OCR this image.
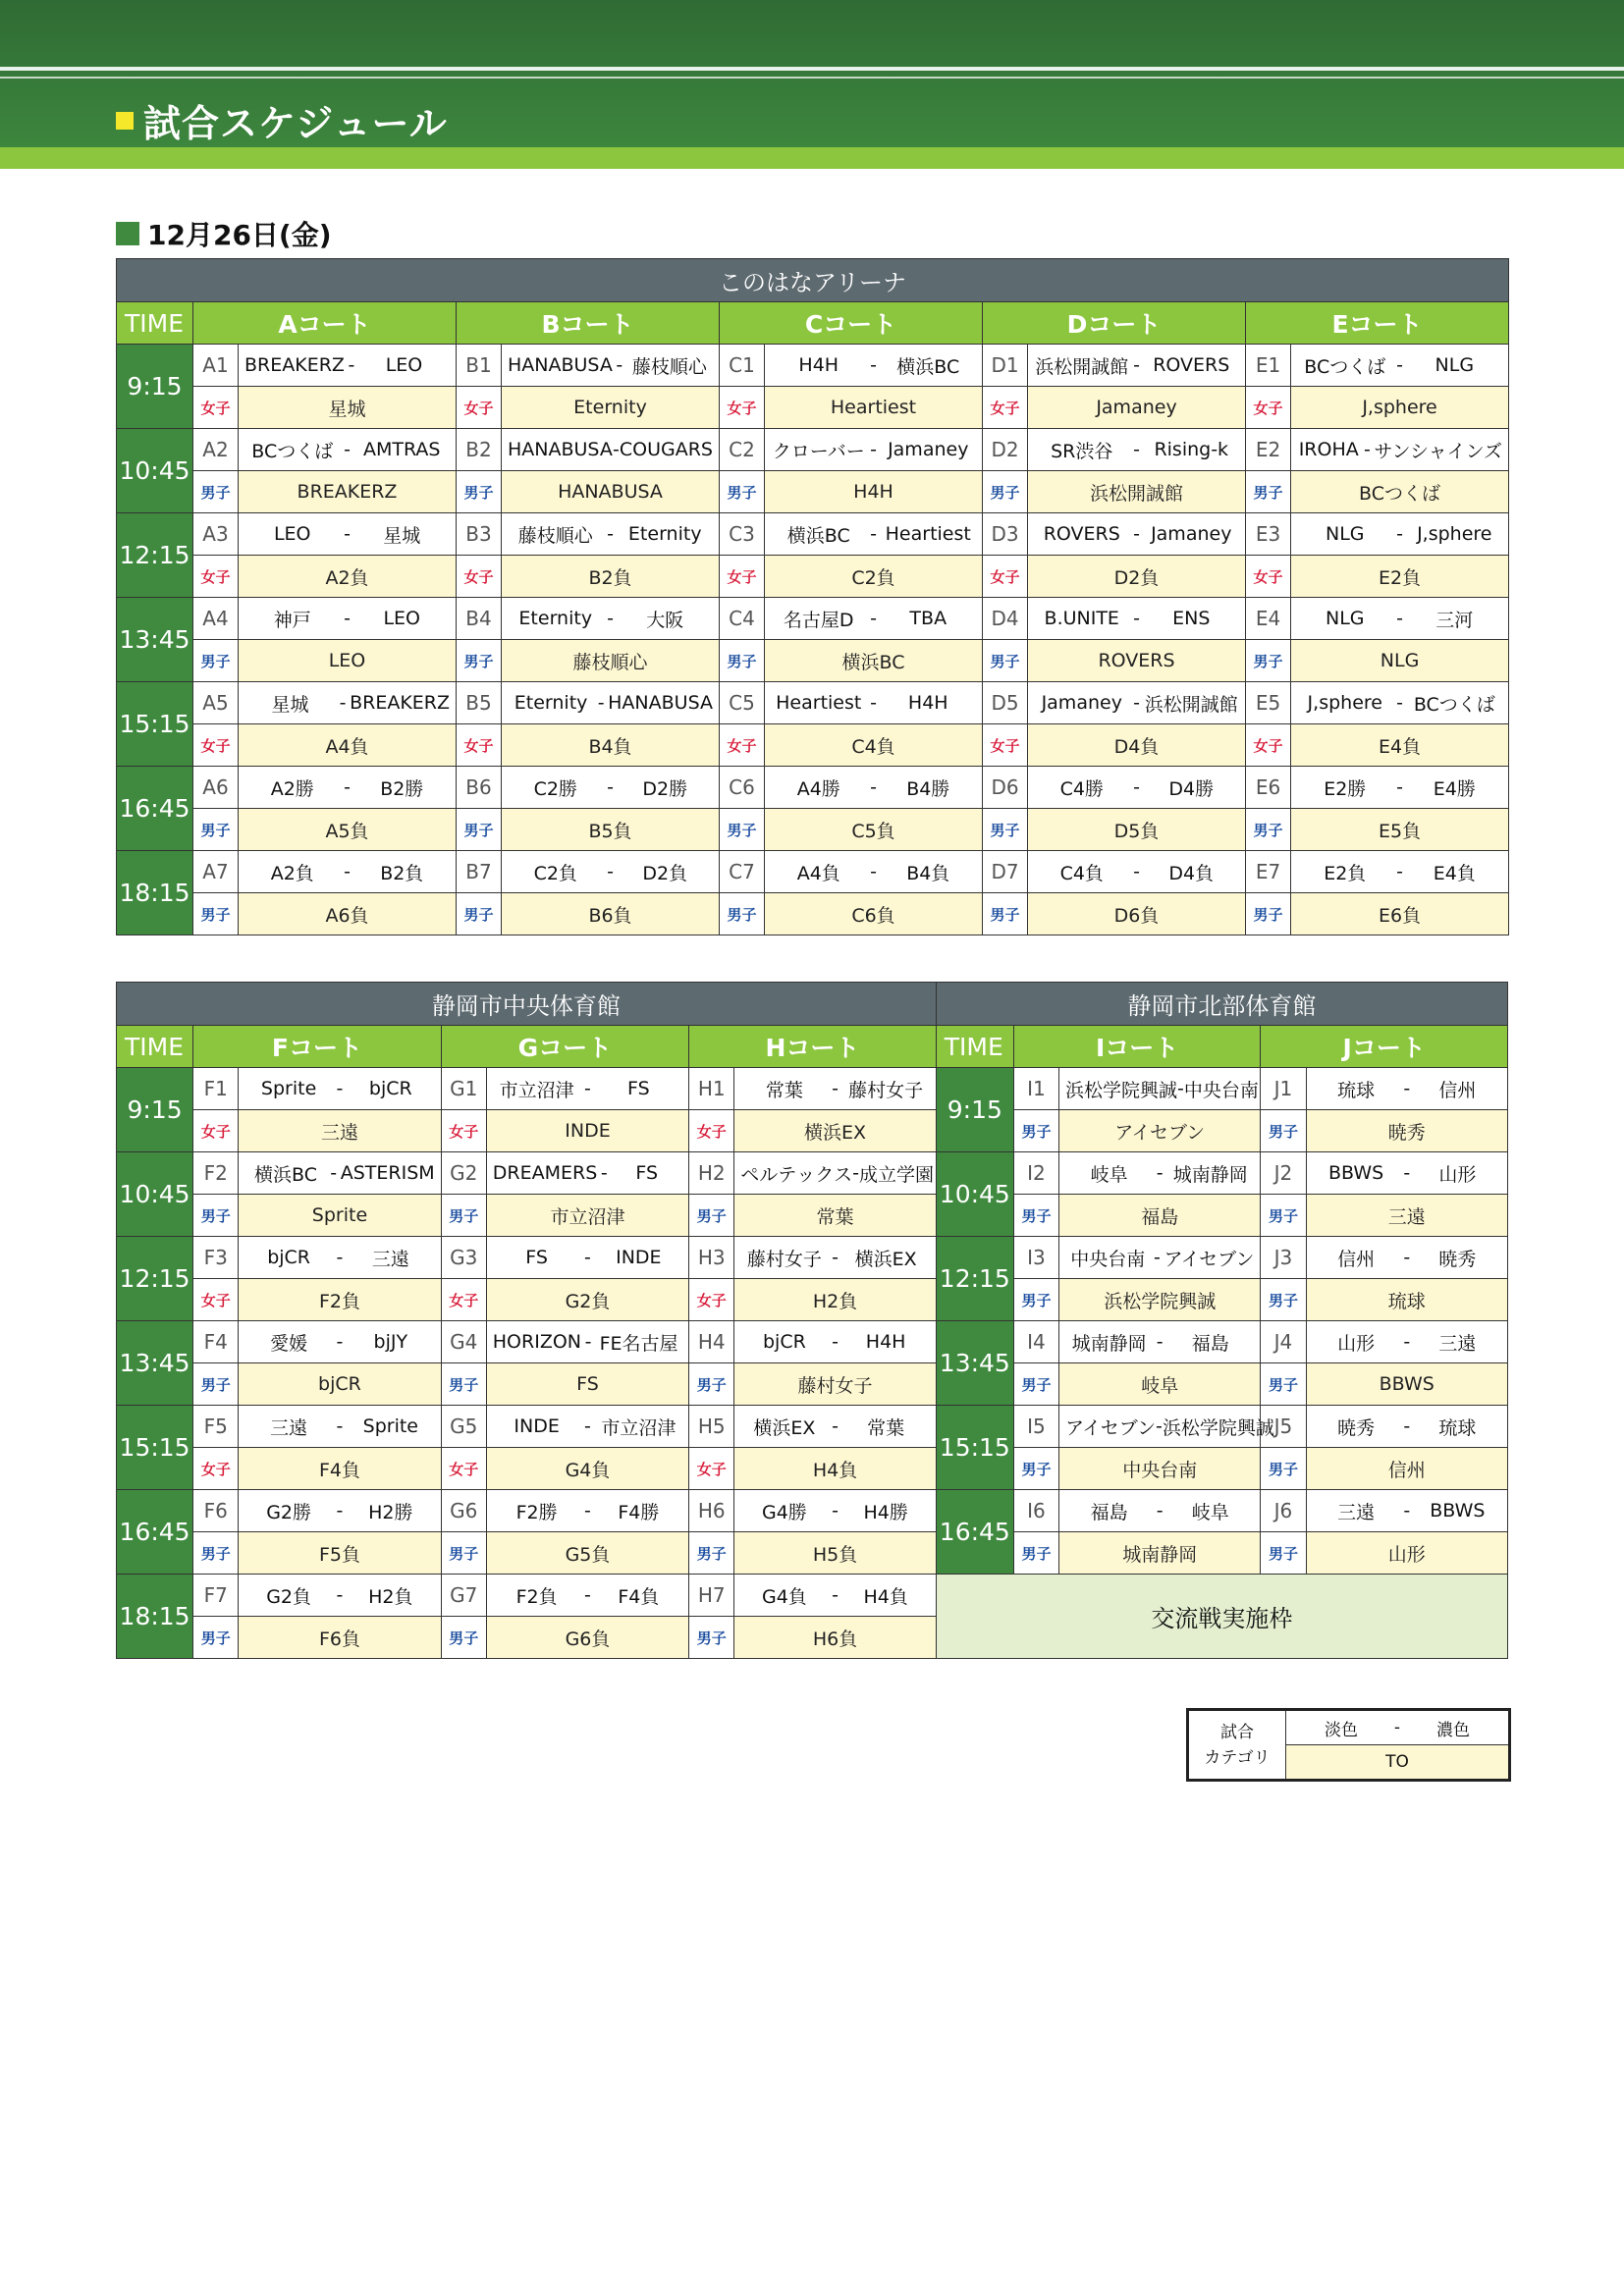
試合スケジュール
12月26日(金)
このはなアリーナ										
TIME	Aコート		Bコート		Cコート		Dコート		Eコート	
9:15	A1	BREAKERZ - LEO	B1	HANABUSA - 藤枝順心	C1	H4H - 横浜BC	D1	浜松開誠館 - ROVERS	E1	BCつくば - NLG

	女子	星城	女子	Eternity	女子	Heartiest	女子	Jamaney	女子	J,sphere
10:45	A2	BCつくば - AMTRAS	B2	HANABUSA - COUGARS	C2	クローバー - Jamaney	D2	SR渋谷 - Rising-k	E2	IROHA - サンシャインズ

	男子	BREAKERZ	男子	HANABUSA	男子	H4H	男子	浜松開誠館	男子	BCつくば
12:15	A3	LEO - 星城	B3	藤枝順心 - Eternity	C3	横浜BC - Heartiest	D3	ROVERS - Jamaney	E3	NLG - J,sphere

	女子	A2負	女子	B2負	女子	C2負	女子	D2負	女子	E2負
13:45	A4	神戸 - LEO	B4	Eternity - 大阪	C4	名古屋D - TBA	D4	B.UNITE - ENS	E4	NLG - 三河

	男子	LEO	男子	藤枝順心	男子	横浜BC	男子	ROVERS	男子	NLG
15:15	A5	星城 - BREAKERZ	B5	Eternity - HANABUSA	C5	Heartiest - H4H	D5	Jamaney - 浜松開誠館	E5	J,sphere - BCつくば

	女子	A4負	女子	B4負	女子	C4負	女子	D4負	女子	E4負
16:45	A6	A2勝 - B2勝	B6	C2勝 - D2勝	C6	A4勝 - B4勝	D6	C4勝 - D4勝	E6	E2勝 - E4勝

	男子	A5負	男子	B5負	男子	C5負	男子	D5負	男子	E5負
18:15	A7	A2負 - B2負	B7	C2負 - D2負	C7	A4負 - B4負	D7	C4負 - D4負	E7	E2負 - E4負

	男子	A6負	男子	B6負	男子	C6負	男子	D6負	男子	E6負
静岡市中央体育館							静岡市北部体育館				
TIME	Fコート		Gコート		Hコート		TIME	Iコート		Jコート	
9:15	F1	Sprite - bjCR	G1	市立沼津 - FS	H1	常葉 - 藤村女子	9:15	I1	浜松学院興誠 - 中央台南	J1	琉球 - 信州

	女子	三遠	女子	INDE	女子	横浜EX		男子	アイセブン	男子	暁秀
10:45	F2	横浜BC - ASTERISM	G2	DREAMERS - FS	H2	ペルテックス - 成立学園	10:45	I2	岐阜 - 城南静岡	J2	BBWS - 山形

	男子	Sprite	男子	市立沼津	男子	常葉		男子	福島	男子	三遠
12:15	F3	bjCR - 三遠	G3	FS - INDE	H3	藤村女子 - 横浜EX	12:15	I3	中央台南 - アイセブン	J3	信州 - 暁秀

	女子	F2負	女子	G2負	女子	H2負		男子	浜松学院興誠	男子	琉球
13:45	F4	愛媛 - bjJY	G4	HORIZON - FE名古屋	H4	bjCR - H4H	13:45	I4	城南静岡 - 福島	J4	山形 - 三遠

	男子	bjCR	男子	FS	男子	藤村女子		男子	岐阜	男子	BBWS
15:15	F5	三遠 - Sprite	G5	INDE - 市立沼津	H5	横浜EX - 常葉	15:15	I5	アイセブン - 浜松学院興誠	J5	暁秀 - 琉球

	女子	F4負	女子	G4負	女子	H4負		男子	中央台南	男子	信州
16:45	F6	G2勝 - H2勝	G6	F2勝 - F4勝	H6	G4勝 - H4勝	16:45	I6	福島 - 岐阜	J6	三遠 - BBWS

	男子	F5負	男子	G5負	男子	H5負		男子	城南静岡	男子	山形
18:15	F7	G2負 - H2負	G7	F2負 - F4負	H7	G4負 - H4負	交流戦実施枠				
	男子	F6負	男子	G6負	男子	H6負					
試合
カテゴリ

淡色	-	濃色

TO
